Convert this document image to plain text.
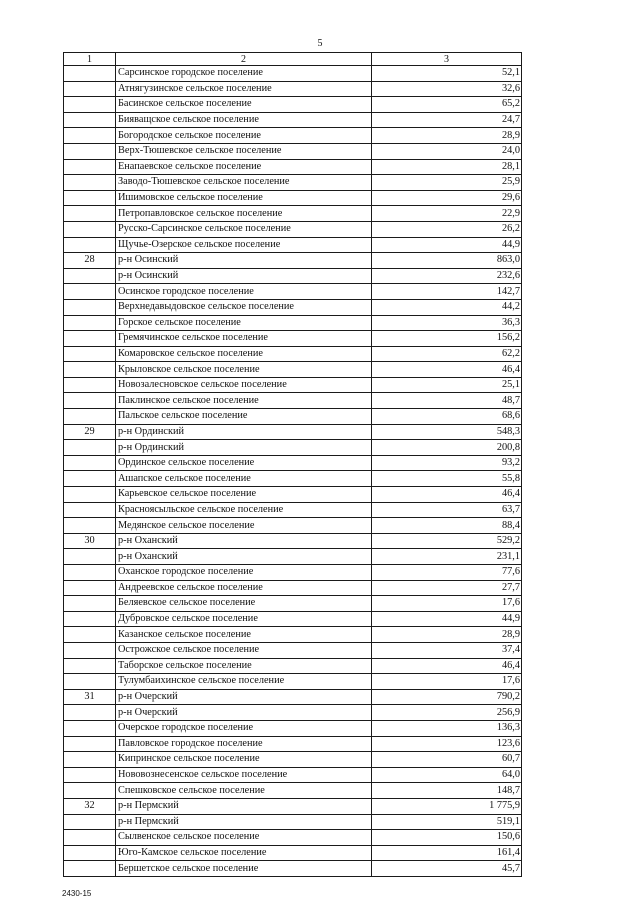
5
1	2	3
	Сарсинское городское поселение	52,1
	Атнягузинское сельское поселение	32,6
	Басинское сельское поселение	65,2
	Бияващское сельское поселение	24,7
	Богородское сельское поселение	28,9
	Верх-Тюшевское сельское поселение	24,0
	Енапаевское сельское поселение	28,1
	Заводо-Тюшевское сельское поселение	25,9
	Ишимовское сельское поселение	29,6
	Петропавловское сельское поселение	22,9
	Русско-Сарсинское сельское поселение	26,2
	Щучье-Озерское сельское поселение	44,9
28	р-н Осинский	863,0
	р-н Осинский	232,6
	Осинское городское поселение	142,7
	Верхнедавыдовское сельское поселение	44,2
	Горское сельское поселение	36,3
	Гремячинское сельское поселение	156,2
	Комаровское сельское поселение	62,2
	Крыловское сельское поселение	46,4
	Новозалесновское сельское поселение	25,1
	Паклинское сельское поселение	48,7
	Пальское сельское поселение	68,6
29	р-н Ординский	548,3
	р-н Ординский	200,8
	Ординское сельское поселение	93,2
	Ашапское сельское поселение	55,8
	Карьевское сельское поселение	46,4
	Красноясыльское сельское поселение	63,7
	Медянское сельское поселение	88,4
30	р-н Оханский	529,2
	р-н Оханский	231,1
	Оханское городское поселение	77,6
	Андреевское сельское поселение	27,7
	Беляевское сельское поселение	17,6
	Дубровское сельское поселение	44,9
	Казанское сельское поселение	28,9
	Острожское сельское поселение	37,4
	Таборское сельское поселение	46,4
	Тулумбаихинское сельское поселение	17,6
31	р-н Очерский	790,2
	р-н Очерский	256,9
	Очерское городское поселение	136,3
	Павловское городское поселение	123,6
	Кипринское сельское поселение	60,7
	Нововознесенское сельское поселение	64,0
	Спешковское сельское поселение	148,7
32	р-н Пермский	1 775,9
	р-н Пермский	519,1
	Сылвенское сельское поселение	150,6
	Юго-Камское сельское поселение	161,4
	Бершетское сельское поселение	45,7
2430-15
